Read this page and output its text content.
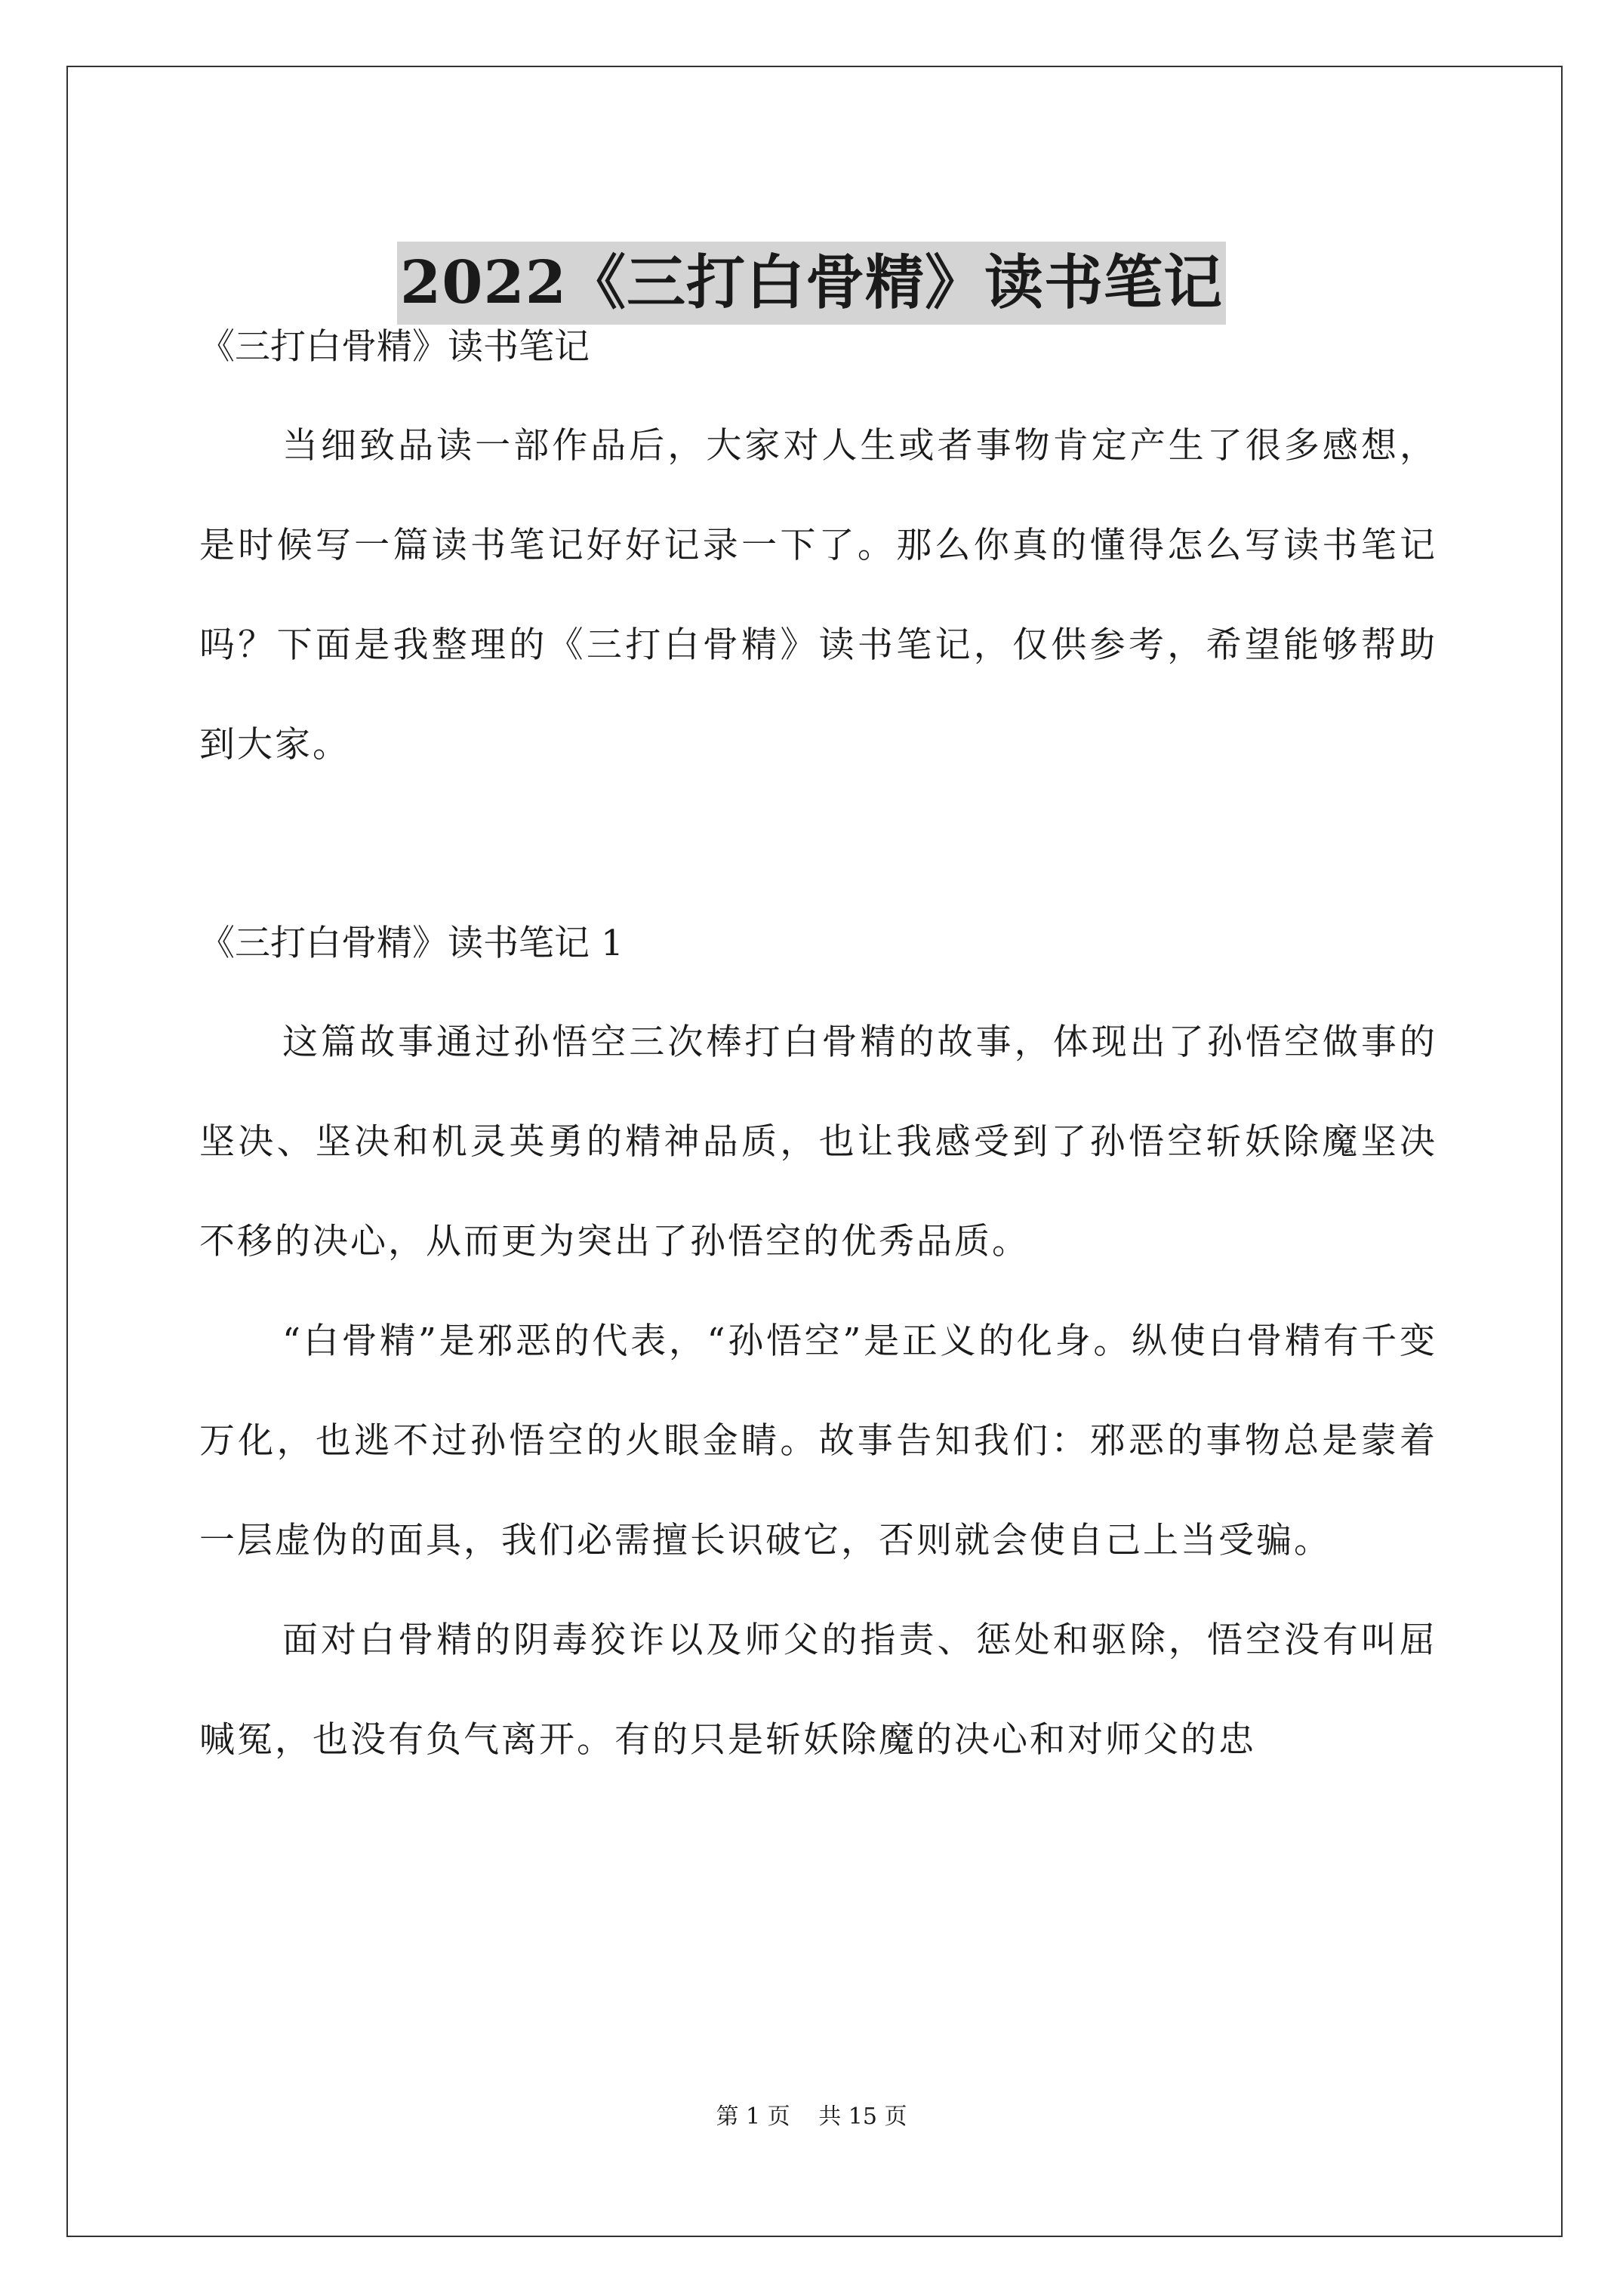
2022《三打白骨精》读书笔记

《三打白骨精》读书笔记

当细致品读一部作品后，大家对人生或者事物肯定产生了很多感想，是时候写一篇读书笔记好好记录一下了。那么你真的懂得怎么写读书笔记吗？下面是我整理的《三打白骨精》读书笔记，仅供参考，希望能够帮助到大家。

《三打白骨精》读书笔记 1

这篇故事通过孙悟空三次棒打白骨精的故事，体现出了孙悟空做事的坚决、坚决和机灵英勇的精神品质，也让我感受到了孙悟空斩妖除魔坚决不移的决心，从而更为突出了孙悟空的优秀品质。

“白骨精”是邪恶的代表，“孙悟空”是正义的化身。纵使白骨精有千变万化，也逃不过孙悟空的火眼金睛。故事告知我们：邪恶的事物总是蒙着一层虚伪的面具，我们必需擅长识破它，否则就会使自己上当受骗。

面对白骨精的阴毒狡诈以及师父的指责、惩处和驱除，悟空没有叫屈喊冤，也没有负气离开。有的只是斩妖除魔的决心和对师父的忠

第 1 页 共 15 页
